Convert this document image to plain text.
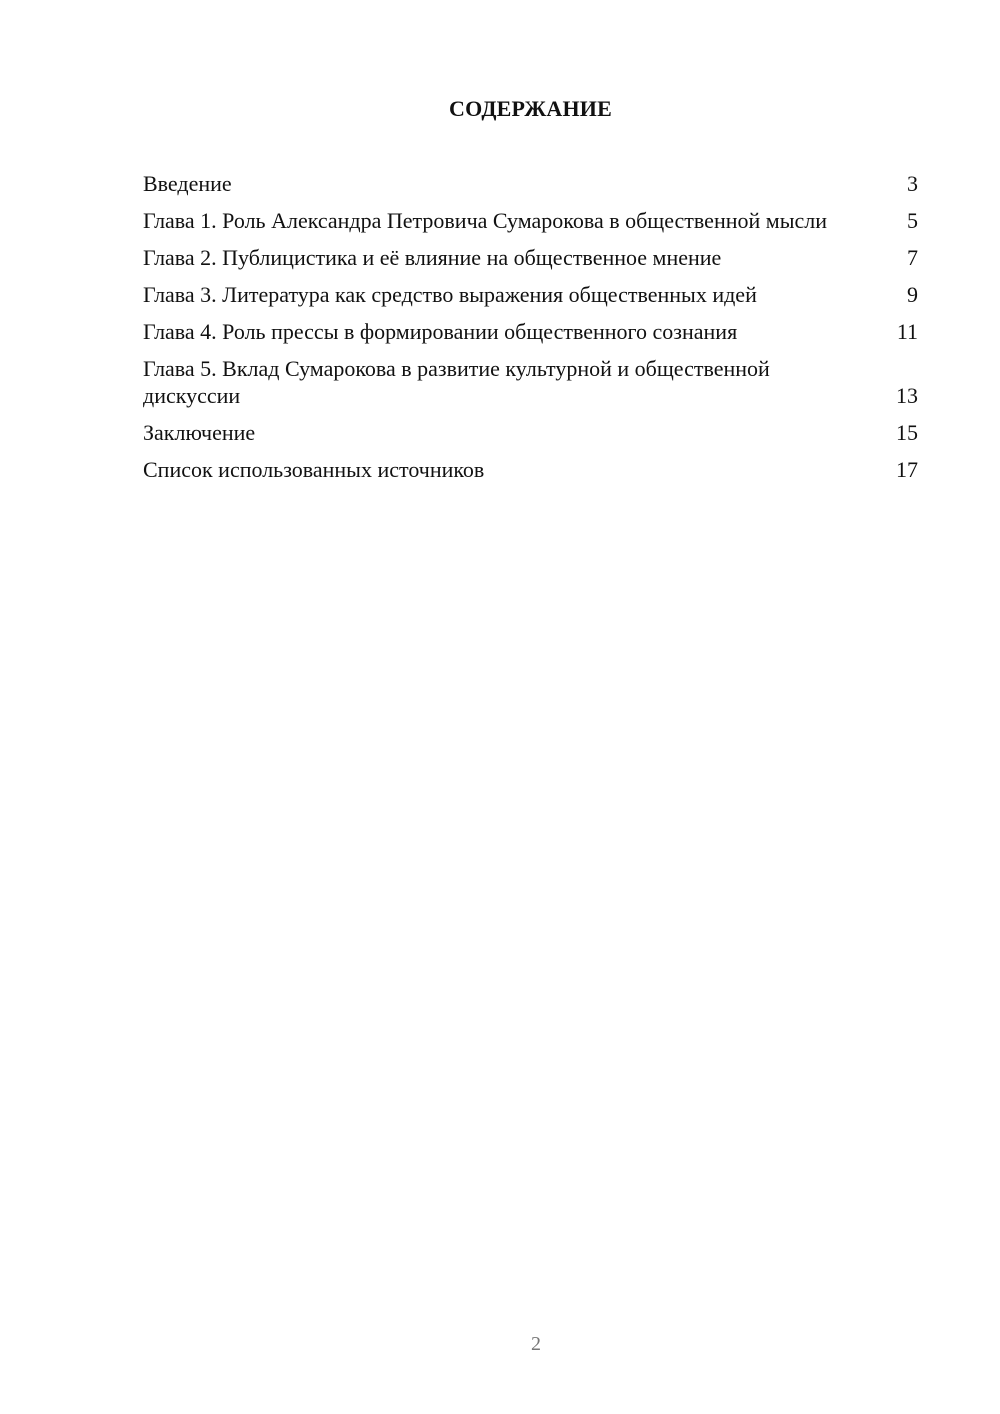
СОДЕРЖАНИЕ
Введение	3
Глава 1. Роль Александра Петровича Сумарокова в общественной мысли	5
Глава 2. Публицистика и её влияние на общественное мнение	7
Глава 3. Литература как средство выражения общественных идей	9
Глава 4. Роль прессы в формировании общественного сознания	11
Глава 5. Вклад Сумарокова в развитие культурной и общественной дискуссии	13
Заключение	15
Список использованных источников	17
2
